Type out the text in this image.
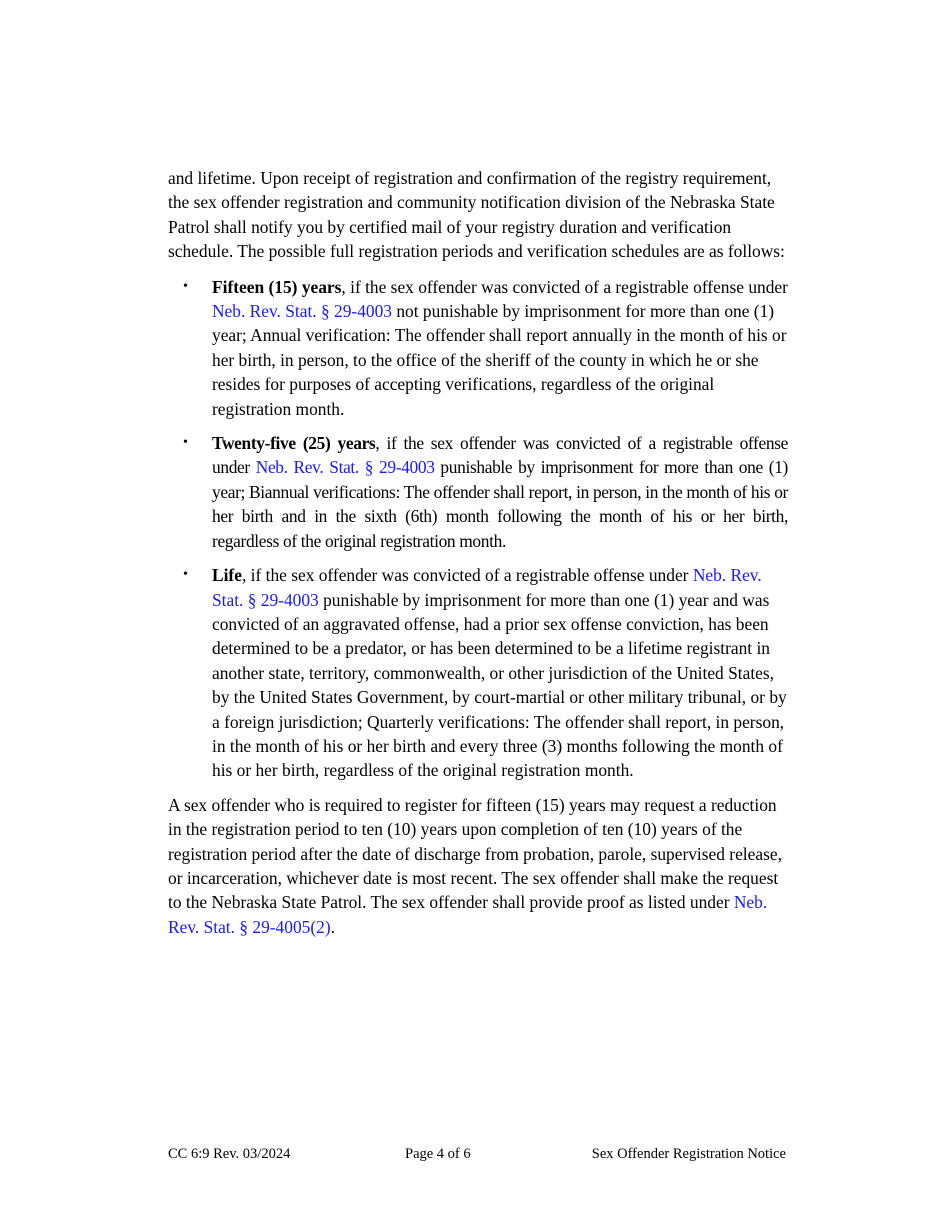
and lifetime. Upon receipt of registration and confirmation of the registry requirement, the sex offender registration and community notification division of the Nebraska State Patrol shall notify you by certified mail of your registry duration and verification schedule. The possible full registration periods and verification schedules are as follows:

• Fifteen (15) years, if the sex offender was convicted of a registrable offense under Neb. Rev. Stat. § 29-4003 not punishable by imprisonment for more than one (1) year; Annual verification: The offender shall report annually in the month of his or her birth, in person, to the office of the sheriff of the county in which he or she resides for purposes of accepting verifications, regardless of the original registration month.
• Twenty-five (25) years, if the sex offender was convicted of a registrable offense under Neb. Rev. Stat. § 29-4003 punishable by imprisonment for more than one (1) year; Biannual verifications: The offender shall report, in person, in the month of his or her birth and in the sixth (6th) month following the month of his or her birth, regardless of the original registration month.
• Life, if the sex offender was convicted of a registrable offense under Neb. Rev. Stat. § 29-4003 punishable by imprisonment for more than one (1) year and was convicted of an aggravated offense, had a prior sex offense conviction, has been determined to be a predator, or has been determined to be a lifetime registrant in another state, territory, commonwealth, or other jurisdiction of the United States, by the United States Government, by court-martial or other military tribunal, or by a foreign jurisdiction; Quarterly verifications: The offender shall report, in person, in the month of his or her birth and every three (3) months following the month of his or her birth, regardless of the original registration month.

A sex offender who is required to register for fifteen (15) years may request a reduction in the registration period to ten (10) years upon completion of ten (10) years of the registration period after the date of discharge from probation, parole, supervised release, or incarceration, whichever date is most recent. The sex offender shall make the request to the Nebraska State Patrol. The sex offender shall provide proof as listed under Neb. Rev. Stat. § 29-4005(2).

CC 6:9 Rev. 03/2024	Page 4 of 6	Sex Offender Registration Notice
